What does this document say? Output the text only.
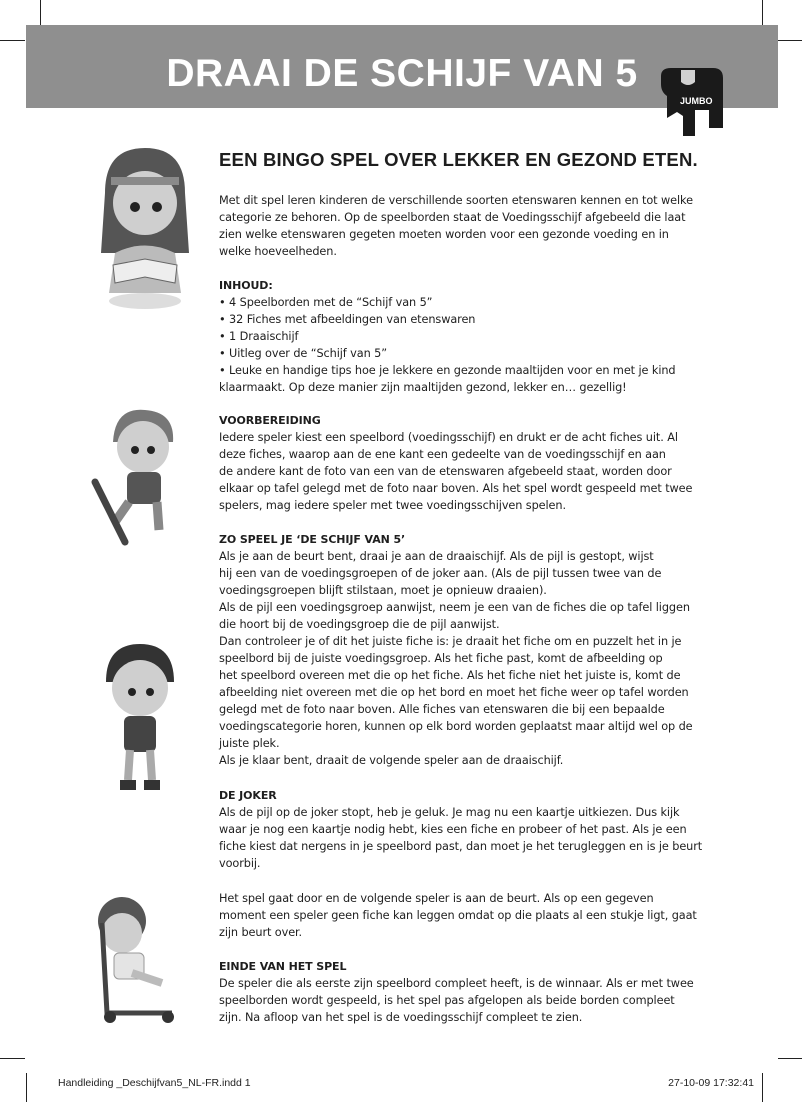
DRAAI DE SCHIJF VAN 5
JUMBO
EEN BINGO SPEL OVER LEKKER EN GEZOND ETEN.
Met dit spel leren kinderen de verschillende soorten etenswaren kennen en tot welke
categorie ze behoren. Op de speelborden staat de Voedingsschijf afgebeeld die laat
zien welke etenswaren gegeten moeten worden voor een gezonde voeding en in
welke hoeveelheden.
INHOUD:
• 4 Speelborden met de “Schijf van 5”
• 32 Fiches met afbeeldingen van etenswaren
• 1 Draaischijf
• Uitleg over de “Schijf van 5”
• Leuke en handige tips hoe je lekkere en gezonde maaltijden voor en met je kind
klaarmaakt. Op deze manier zijn maaltijden gezond, lekker en… gezellig!
VOORBEREIDING
Iedere speler kiest een speelbord (voedingsschijf) en drukt er de acht fiches uit. Al
deze fiches, waarop aan de ene kant een gedeelte van de voedingsschijf en aan
de andere kant de foto van een van de etenswaren afgebeeld staat, worden door
elkaar op tafel gelegd met de foto naar boven. Als het spel wordt gespeeld met twee
spelers, mag iedere speler met twee voedingsschijven spelen.
ZO SPEEL JE ‘DE SCHIJF VAN 5’
Als je aan de beurt bent, draai je aan de draaischijf. Als de pijl is gestopt, wijst
hij een van de voedingsgroepen of de joker aan. (Als de pijl tussen twee van de
voedingsgroepen blijft stilstaan, moet je opnieuw draaien).
Als de pijl een voedingsgroep aanwijst, neem je een van de fiches die op tafel liggen
die hoort bij de voedingsgroep die de pijl aanwijst.
Dan controleer je of dit het juiste fiche is: je draait het fiche om en puzzelt het in je
speelbord bij de juiste voedingsgroep. Als het fiche past, komt de afbeelding op
het speelbord overeen met die op het fiche. Als het fiche niet het juiste is, komt de
afbeelding niet overeen met die op het bord en moet het fiche weer op tafel worden
gelegd met de foto naar boven. Alle fiches van etenswaren die bij een bepaalde
voedingscategorie horen, kunnen op elk bord worden geplaatst maar altijd wel op de
juiste plek.
Als je klaar bent, draait de volgende speler aan de draaischijf.
DE JOKER
Als de pijl op de joker stopt, heb je geluk. Je mag nu een kaartje uitkiezen. Dus kijk
waar je nog een kaartje nodig hebt, kies een fiche en probeer of het past. Als je een
fiche kiest dat nergens in je speelbord past, dan moet je het terugleggen en is je beurt
voorbij.
Het spel gaat door en de volgende speler is aan de beurt. Als op een gegeven
moment een speler geen fiche kan leggen omdat op die plaats al een stukje ligt, gaat
zijn beurt over.
EINDE VAN HET SPEL
De speler die als eerste zijn speelbord compleet heeft, is de winnaar. Als er met twee
speelborden wordt gespeeld, is het spel pas afgelopen als beide borden compleet
zijn. Na afloop van het spel is de voedingsschijf compleet te zien.
Handleiding _Deschijfvan5_NL-FR.indd 1	27-10-09 17:32:41
